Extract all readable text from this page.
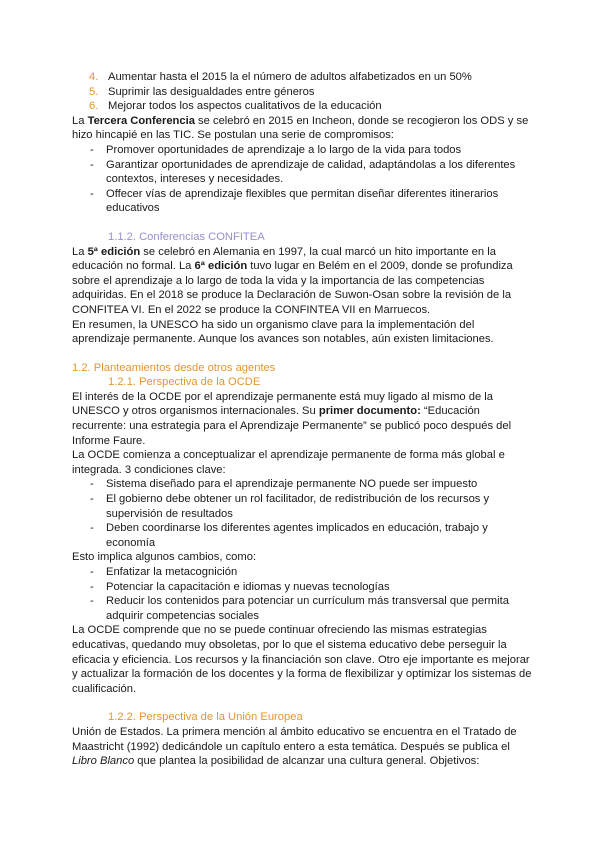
4. Aumentar hasta el 2015 la el número de adultos alfabetizados en un 50%
5. Suprimir las desigualdades entre géneros
6. Mejorar todos los aspectos cualitativos de la educación

La Tercera Conferencia se celebró en 2015 en Incheon, donde se recogieron los ODS y se hizo hincapié en las TIC. Se postulan una serie de compromisos:

- Promover oportunidades de aprendizaje a lo largo de la vida para todos
- Garantizar oportunidades de aprendizaje de calidad, adaptándolas a los diferentes contextos, intereses y necesidades.
- Offecer vías de aprendizaje flexibles que permitan diseñar diferentes itinerarios educativos

1.1.2. Conferencias CONFITEA

La 5ª edición se celebró en Alemania en 1997, la cual marcó un hito importante en la educación no formal. La 6ª edición tuvo lugar en Belém en el 2009, donde se profundiza sobre el aprendizaje a lo largo de toda la vida y la importancia de las competencias adquiridas. En el 2018 se produce la Declaración de Suwon-Osan sobre la revisión de la CONFITEA VI. En el 2022 se produce la CONFINTEA VII en Marruecos.

En resumen, la UNESCO ha sido un organismo clave para la implementación del aprendizaje permanente. Aunque los avances son notables, aún existen limitaciones.

1.2. Planteamientos desde otros agentes

1.2.1. Perspectiva de la OCDE

El interés de la OCDE por el aprendizaje permanente está muy ligado al mismo de la UNESCO y otros organismos internacionales. Su primer documento: “Educación recurrente: una estrategia para el Aprendizaje Permanente” se publicó poco después del Informe Faure.

La OCDE comienza a conceptualizar el aprendizaje permanente de forma más global e integrada. 3 condiciones clave:

- Sistema diseñado para el aprendizaje permanente NO puede ser impuesto
- El gobierno debe obtener un rol facilitador, de redistribución de los recursos y supervisión de resultados
- Deben coordinarse los diferentes agentes implicados en educación, trabajo y economía

Esto implica algunos cambios, como:

- Enfatizar la metacognición
- Potenciar la capacitación e idiomas y nuevas tecnologías
- Reducir los contenidos para potenciar un currículum más transversal que permita adquirir competencias sociales

La OCDE comprende que no se puede continuar ofreciendo las mismas estrategias educativas, quedando muy obsoletas, por lo que el sistema educativo debe perseguir la eficacia y eficiencia. Los recursos y la financiación son clave. Otro eje importante es mejorar y actualizar la formación de los docentes y la forma de flexibilizar y optimizar los sistemas de cualificación.

1.2.2. Perspectiva de la Unión Europea

Unión de Estados. La primera mención al ámbito educativo se encuentra en el Tratado de Maastricht (1992) dedicándole un capítulo entero a esta temática. Después se publica el Libro Blanco que plantea la posibilidad de alcanzar una cultura general. Objetivos:
